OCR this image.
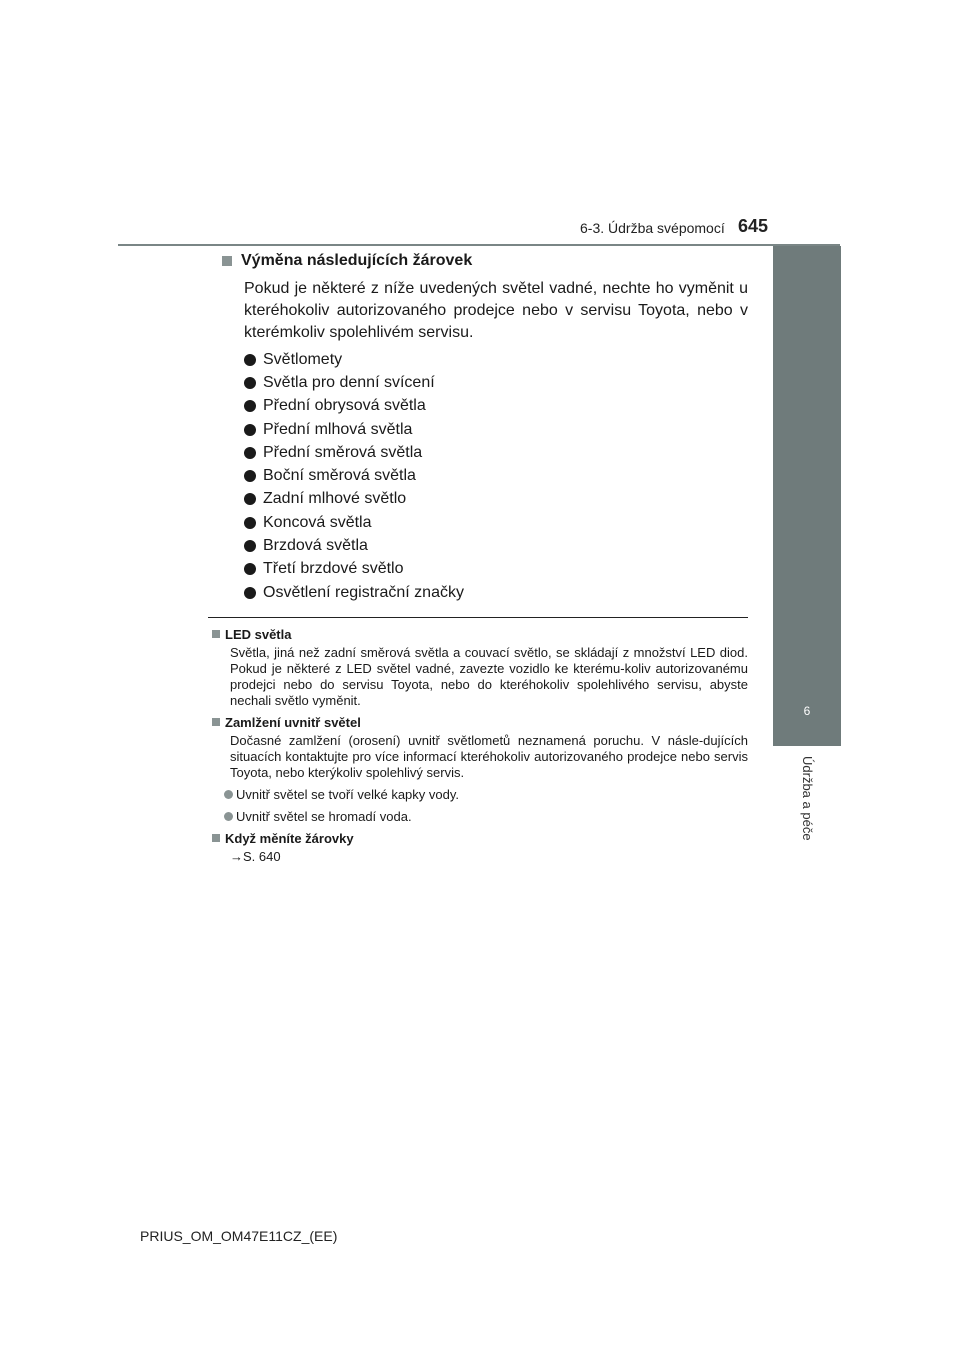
6-3. Údržba svépomocí 645
6
Údržba a péče
Výměna následujících žárovek
Pokud je některé z níže uvedených světel vadné, nechte ho vyměnit u kteréhokoliv autorizovaného prodejce nebo v servisu Toyota, nebo v kterémkoliv spolehlivém servisu.
Světlomety
Světla pro denní svícení
Přední obrysová světla
Přední mlhová světla
Přední směrová světla
Boční směrová světla
Zadní mlhové světlo
Koncová světla
Brzdová světla
Třetí brzdové světlo
Osvětlení registrační značky
LED světla
Světla, jiná než zadní směrová světla a couvací světlo, se skládají z množství LED diod. Pokud je některé z LED světel vadné, zavezte vozidlo ke kterému-koliv autorizovanému prodejci nebo do servisu Toyota, nebo do kteréhokoliv spolehlivého servisu, abyste nechali světlo vyměnit.
Zamlžení uvnitř světel
Dočasné zamlžení (orosení) uvnitř světlometů neznamená poruchu. V násle-dujících situacích kontaktujte pro více informací kteréhokoliv autorizovaného prodejce nebo servis Toyota, nebo kterýkoliv spolehlivý servis.
Uvnitř světel se tvoří velké kapky vody.
Uvnitř světel se hromadí voda.
Když měníte žárovky
→S. 640
PRIUS_OM_OM47E11CZ_(EE)
